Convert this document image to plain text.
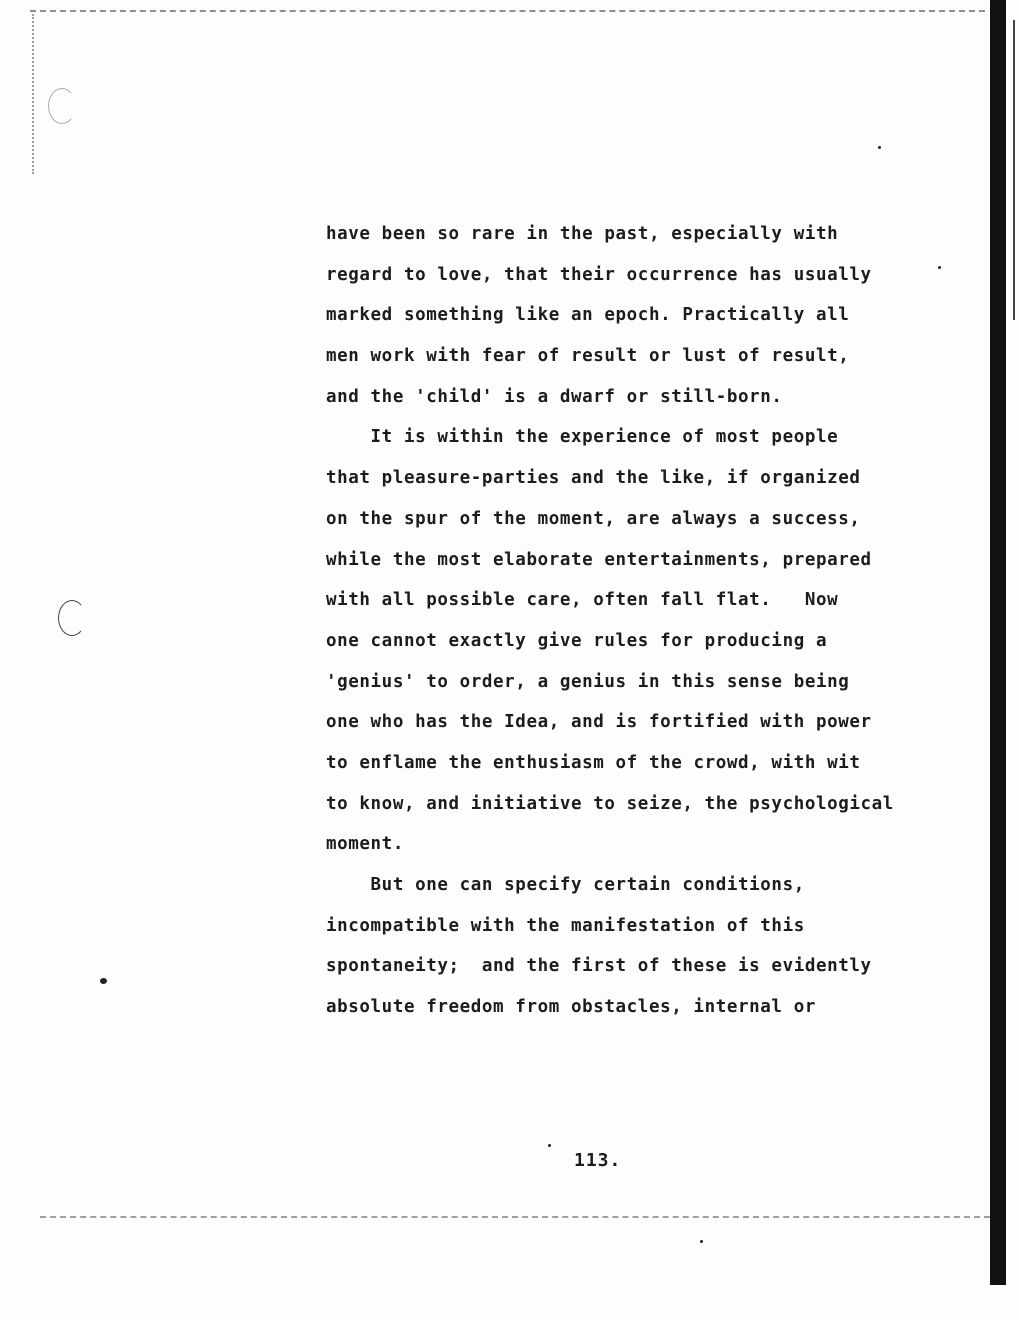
have been so rare in the past, especially with
regard to love, that their occurrence has usually
marked something like an epoch. Practically all
men work with fear of result or lust of result,
and the 'child' is a dwarf or still-born.
It is within the experience of most people
that pleasure-parties and the like, if organized
on the spur of the moment, are always a success,
while the most elaborate entertainments, prepared
with all possible care, often fall flat.   Now
one cannot exactly give rules for producing a
'genius' to order, a genius in this sense being
one who has the Idea, and is fortified with power
to enflame the enthusiasm of the crowd, with wit
to know, and initiative to seize, the psychological
moment.
But one can specify certain conditions,
incompatible with the manifestation of this
spontaneity;  and the first of these is evidently
absolute freedom from obstacles, internal or
113.
